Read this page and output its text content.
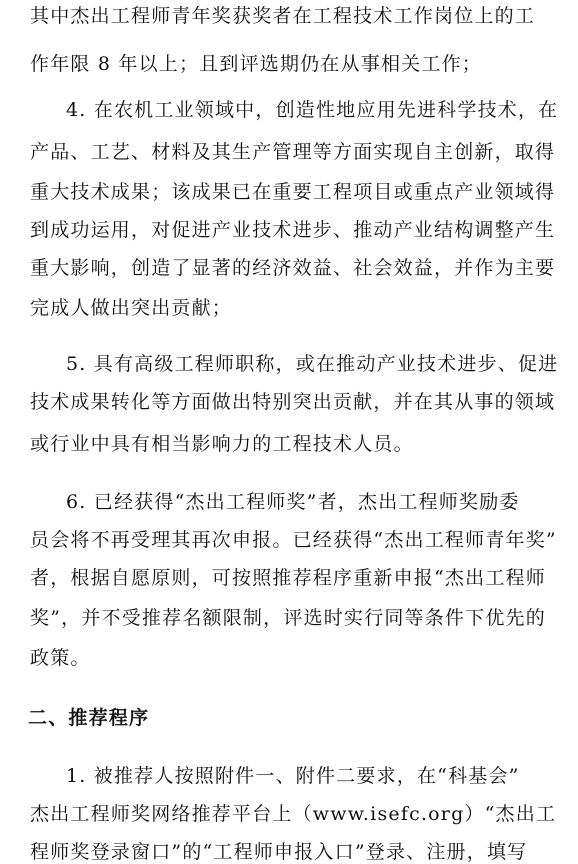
其中杰出工程师青年奖获奖者在工程技术工作岗位上的工
作年限 8 年以上；且到评选期仍在从事相关工作；
4. 在农机工业领域中，创造性地应用先进科学技术，在
产品、工艺、材料及其生产管理等方面实现自主创新，取得
重大技术成果；该成果已在重要工程项目或重点产业领域得
到成功运用，对促进产业技术进步、推动产业结构调整产生
重大影响，创造了显著的经济效益、社会效益，并作为主要
完成人做出突出贡献；
5. 具有高级工程师职称，或在推动产业技术进步、促进
技术成果转化等方面做出特别突出贡献，并在其从事的领域
或行业中具有相当影响力的工程技术人员。
6. 已经获得“杰出工程师奖”者，杰出工程师奖励委
员会将不再受理其再次申报。已经获得“杰出工程师青年奖”
者，根据自愿原则，可按照推荐程序重新申报“杰出工程师
奖”，并不受推荐名额限制，评选时实行同等条件下优先的
政策。
二、推荐程序
1. 被推荐人按照附件一、附件二要求，在“科基会”
杰出工程师奖网络推荐平台上（www.isefc.org）“杰出工
程师奖登录窗口”的“工程师申报入口”登录、注册，填写
